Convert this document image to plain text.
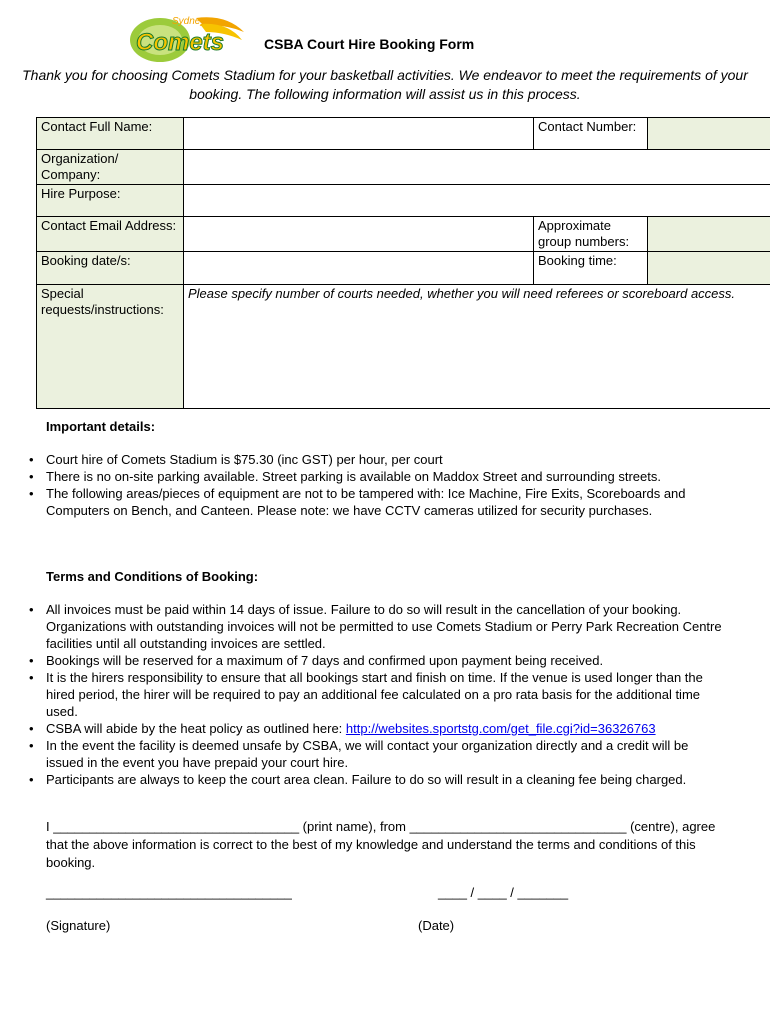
Sydney
Comets	CSBA Court Hire Booking Form
Thank you for choosing Comets Stadium for your basketball activities. We endeavor to meet the requirements of your booking. The following information will assist us in this process.
Contact Full Name:		Contact Number:	
Organization/ Company:			
Hire Purpose:			
Contact Email Address:		Approximate group numbers:	
Booking date/s:		Booking time:	
Special requests/instructions:	Please specify number of courts needed, whether you will need referees or scoreboard access.		
Important details:
• Court hire of Comets Stadium is $75.30 (inc GST) per hour, per court
• There is no on-site parking available. Street parking is available on Maddox Street and surrounding streets.
• The following areas/pieces of equipment are not to be tampered with: Ice Machine, Fire Exits, Scoreboards and Computers on Bench, and Canteen. Please note: we have CCTV cameras utilized for security purchases.
Terms and Conditions of Booking:
• All invoices must be paid within 14 days of issue. Failure to do so will result in the cancellation of your booking. Organizations with outstanding invoices will not be permitted to use Comets Stadium or Perry Park Recreation Centre facilities until all outstanding invoices are settled.
• Bookings will be reserved for a maximum of 7 days and confirmed upon payment being received.
• It is the hirers responsibility to ensure that all bookings start and finish on time. If the venue is used longer than the hired period, the hirer will be required to pay an additional fee calculated on a pro rata basis for the additional time used.
• CSBA will abide by the heat policy as outlined here: http://websites.sportstg.com/get_file.cgi?id=36326763
• In the event the facility is deemed unsafe by CSBA, we will contact your organization directly and a credit will be issued in the event you have prepaid your court hire.
• Participants are always to keep the court area clean. Failure to do so will result in a cleaning fee being charged.
I __________________________________ (print name), from ______________________________ (centre), agree that the above information is correct to the best of my knowledge and understand the terms and conditions of this booking.
__________________________________	____ / ____ / _______
(Signature)	(Date)
